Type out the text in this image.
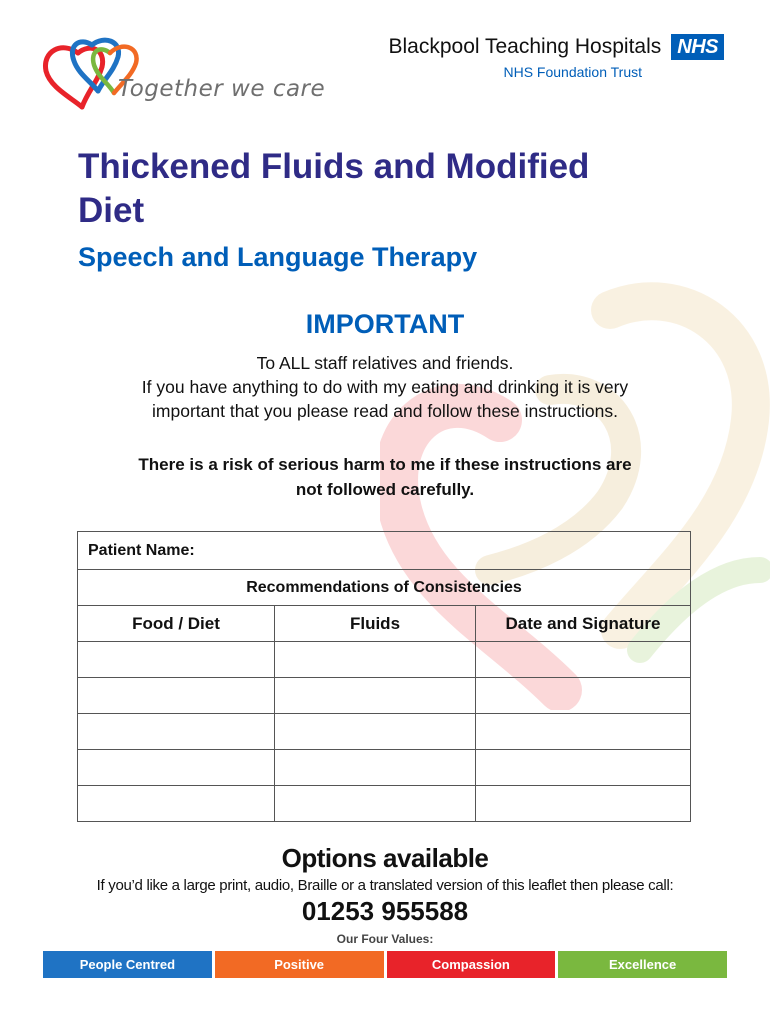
Together we care
Blackpool Teaching Hospitals NHS
NHS Foundation Trust
Thickened Fluids and Modified Diet
Speech and Language Therapy
IMPORTANT
To ALL staff relatives and friends.
If you have anything to do with my eating and drinking it is very
important that you please read and follow these instructions.
There is a risk of serious harm to me if these instructions are
not followed carefully.
Patient Name:		
Recommendations of Consistencies		
Food / Diet	Fluids	Date and Signature

Options available
If you’d like a large print, audio, Braille or a translated version of this leaflet then please call:
01253 955588
Our Four Values:
People Centred	Positive	Compassion	Excellence
